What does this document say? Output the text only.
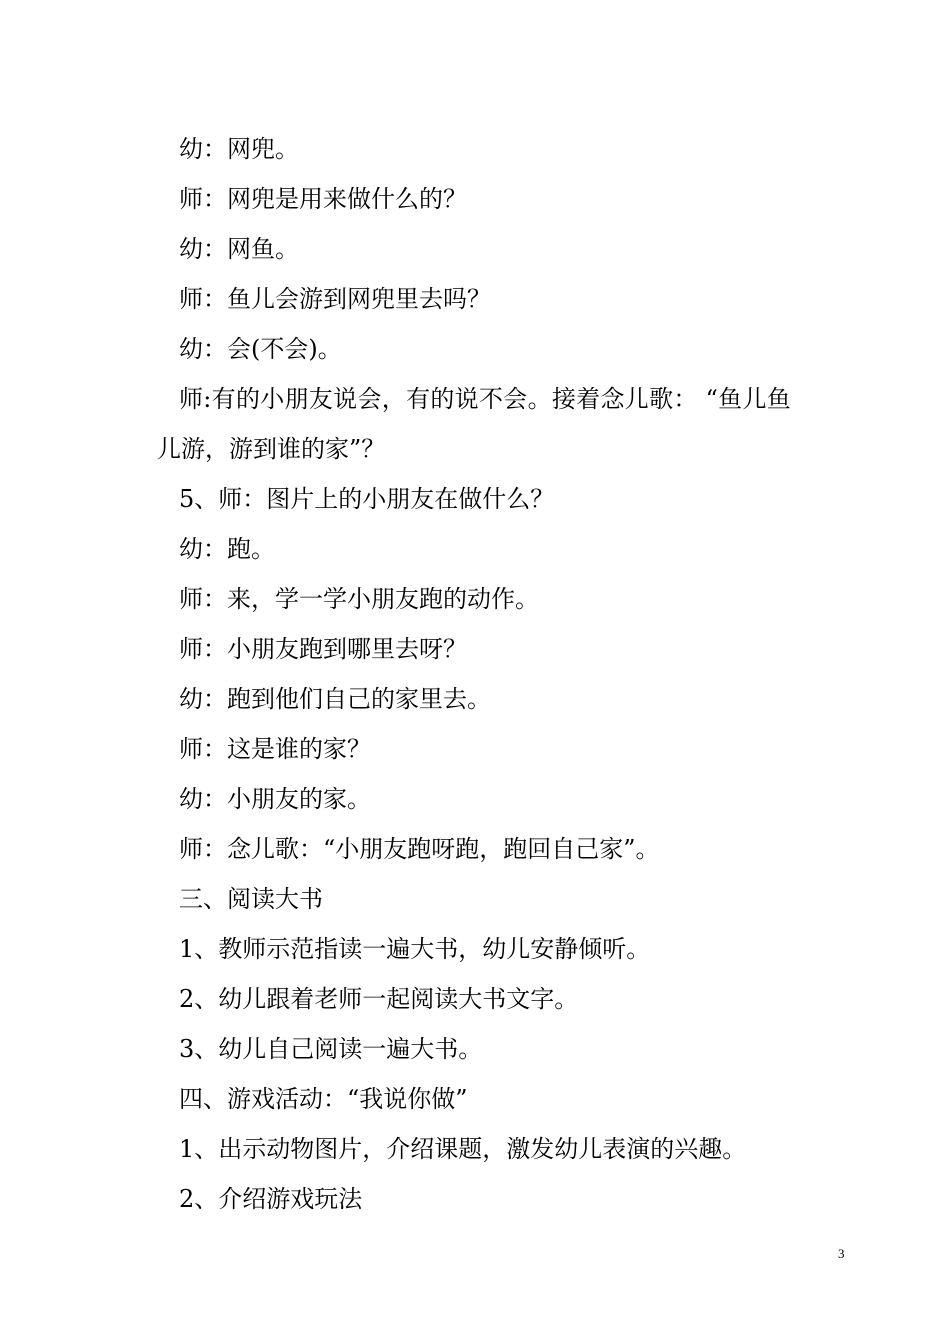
幼：网兜。
师：网兜是用来做什么的？
幼：网鱼。
师：鱼儿会游到网兜里去吗？
幼：会(不会)。
师:有的小朋友说会，有的说不会。接着念儿歌： “鱼儿鱼
儿游，游到谁的家”？
5、师：图片上的小朋友在做什么？
幼：跑。
师：来，学一学小朋友跑的动作。
师：小朋友跑到哪里去呀？
幼：跑到他们自己的家里去。
师：这是谁的家？
幼：小朋友的家。
师：念儿歌：“小朋友跑呀跑，跑回自己家”。
三、阅读大书
1、教师示范指读一遍大书，幼儿安静倾听。
2、幼儿跟着老师一起阅读大书文字。
3、幼儿自己阅读一遍大书。
四、游戏活动：“我说你做”
1、出示动物图片，介绍课题，激发幼儿表演的兴趣。
2、介绍游戏玩法
3
